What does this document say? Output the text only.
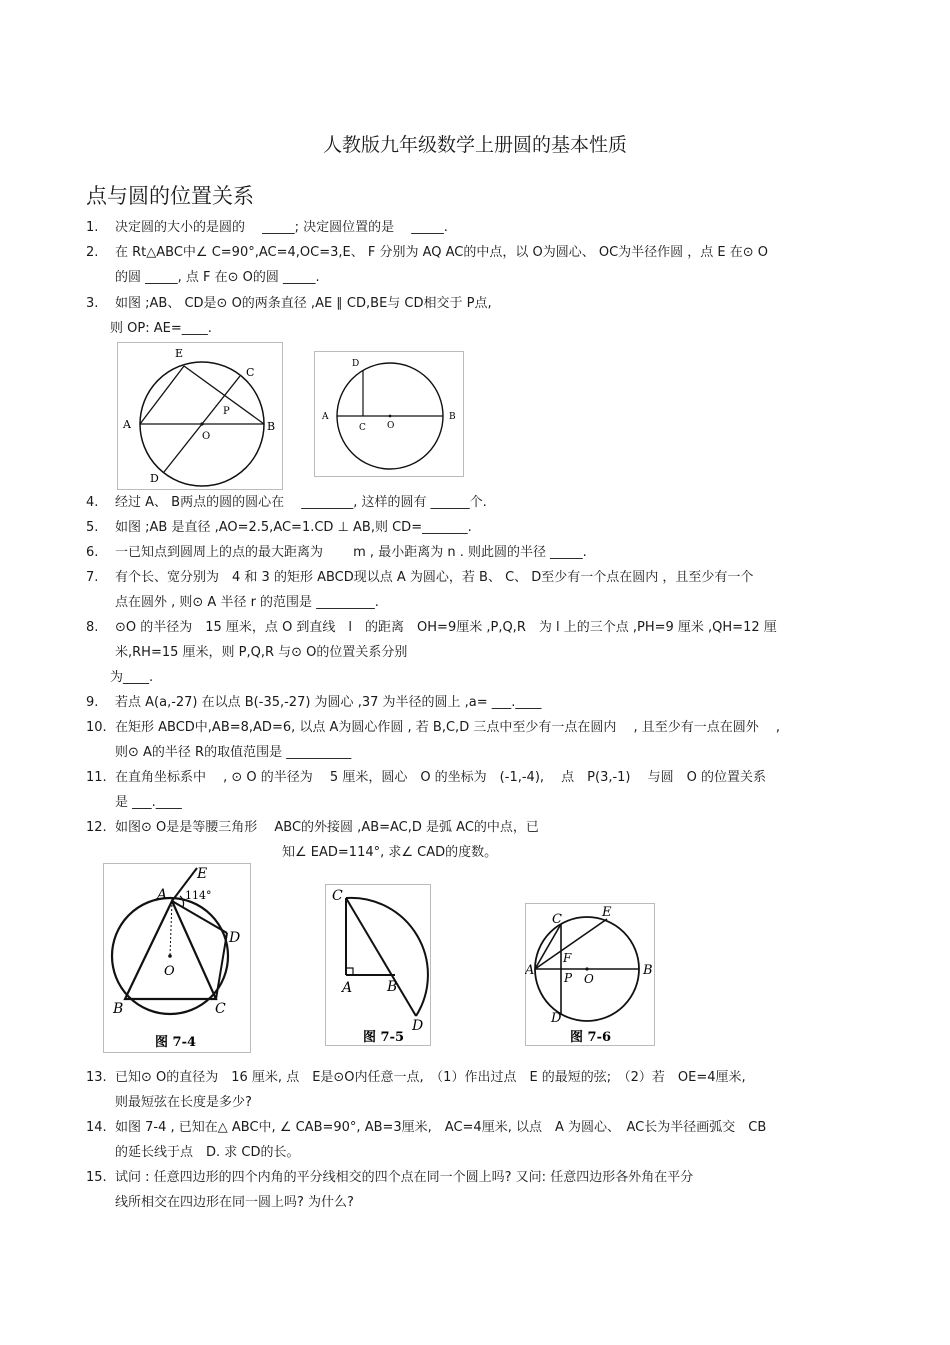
人教版九年级数学上册圆的基本性质
点与圆的位置关系
1. 决定圆的大小的是圆的　 _____; 决定圆位置的是　 _____.
2. 在 Rt△ABC中∠ C=90°,AC=4,OC=3,E、 F 分别为 AQ AC的中点，以 O为圆心、 OC为半径作圆 ，点 E 在⊙ O
的圆 _____, 点 F 在⊙ O的圆 _____.
3. 如图 ;AB、 CD是⊙ O的两条直径 ,AE ∥ CD,BE与 CD相交于 P点,
则 OP: AE=____.
A	B
C
D
E
O
P	A	B
C
D
O
4. 经过 A、 B两点的圆的圆心在　 ________, 这样的圆有 ______个.
5. 如图 ;AB 是直径 ,AO=2.5,AC=1.CD ⊥ AB,则 CD=_______.
6. 一已知点到圆周上的点的最大距离为　　 m , 最小距离为 n . 则此圆的半径 _____.
7. 有个长、宽分别为　4 和 3 的矩形 ABCD现以点 A 为圆心，若 B、 C、 D至少有一个点在圆内 ，且至少有一个
点在圆外 , 则⊙ A 半径 r 的范围是 _________.
8. ⊙O 的半径为　15 厘米，点 O 到直线　l　的距离　OH=9厘米 ,P,Q,R　为 l 上的三个点 ,PH=9 厘米 ,QH=12 厘
米,RH=15 厘米，则 P,Q,R 与⊙ O的位置关系分别
为____.
9. 若点 A(a,-27) 在以点 B(-35,-27) 为圆心 ,37 为半径的圆上 ,a= ___.____
10. 在矩形 ABCD中,AB=8,AD=6, 以点 A为圆心作圆 , 若 B,C,D 三点中至少有一点在圆内　 , 且至少有一点在圆外　 ,
则⊙ A的半径 R的取值范围是 __________
11. 在直角坐标系中　 , ⊙ O 的半径为　 5 厘米，圆心　O 的坐标为　(-1,-4),　 点　P(3,-1)　 与圆　O 的位置关系
是 ___.____
12. 如图⊙ O是是等腰三角形　 ABC的外接圆 ,AB=AC,D 是弧 AC的中点，已
知∠ EAD=114°, 求∠ CAD的度数。
E
A 114°
D
O
B	C
图 7-4
C
A B
D
图 7-5
C	E
F
A P O
B
D
图 7-6
13. 已知⊙ O的直径为　16 厘米, 点　E是⊙O内任意一点,　（1）作出过点　E 的最短的弦;　（2）若　OE=4厘米,
则最短弦在长度是多少?
14. 如图 7-4 , 已知在△ ABC中, ∠ CAB=90°, AB=3厘米,　AC=4厘米, 以点　A 为圆心、　AC长为半径画弧交　CB
的延长线于点　D. 求 CD的长。
15. 试问 : 任意四边形的四个内角的平分线相交的四个点在同一个圆上吗? 又问: 任意四边形各外角在平分
线所相交在四边形在同一圆上吗? 为什么?
